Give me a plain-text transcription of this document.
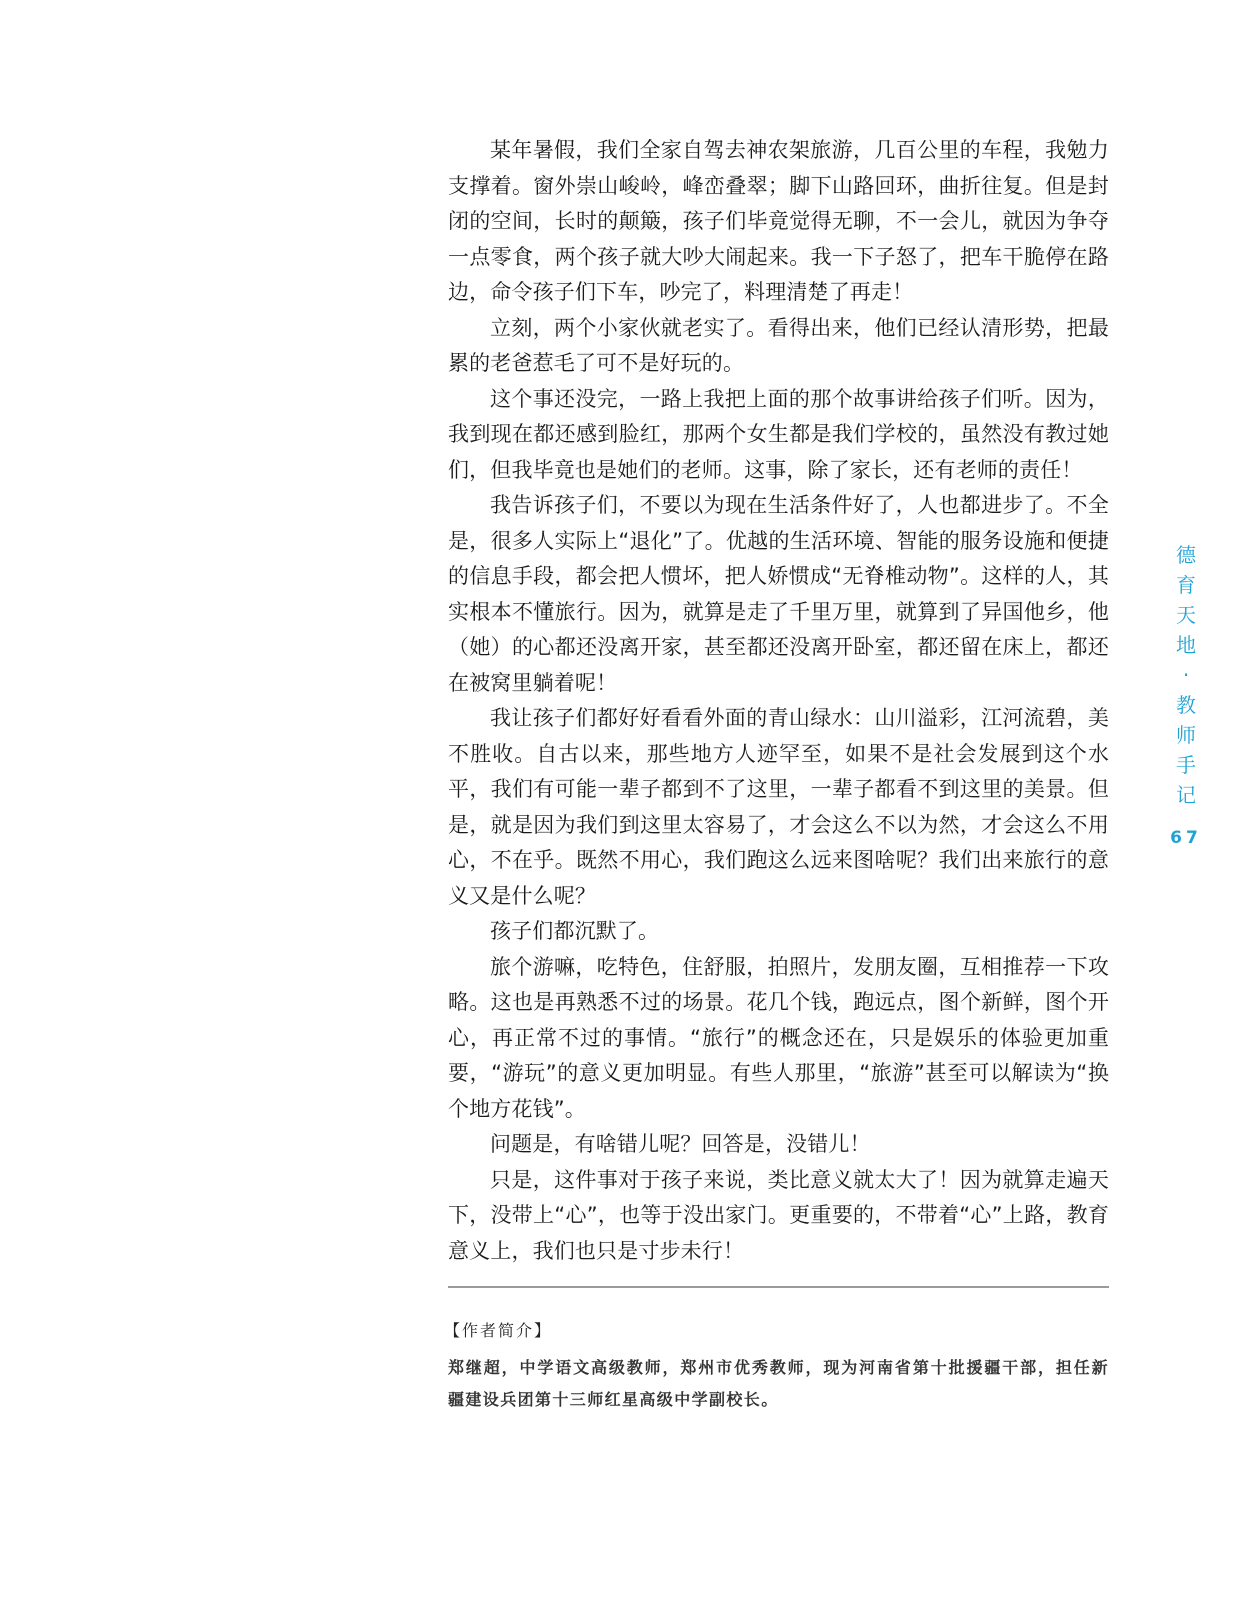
某年暑假，我们全家自驾去神农架旅游，几百公里的车程，我勉力支撑着。窗外崇山峻岭，峰峦叠翠；脚下山路回环，曲折往复。但是封闭的空间，长时的颠簸，孩子们毕竟觉得无聊，不一会儿，就因为争夺一点零食，两个孩子就大吵大闹起来。我一下子怒了，把车干脆停在路边，命令孩子们下车，吵完了，料理清楚了再走！

立刻，两个小家伙就老实了。看得出来，他们已经认清形势，把最累的老爸惹毛了可不是好玩的。

这个事还没完，一路上我把上面的那个故事讲给孩子们听。因为，我到现在都还感到脸红，那两个女生都是我们学校的，虽然没有教过她们，但我毕竟也是她们的老师。这事，除了家长，还有老师的责任！

我告诉孩子们，不要以为现在生活条件好了，人也都进步了。不全是，很多人实际上“退化”了。优越的生活环境、智能的服务设施和便捷的信息手段，都会把人惯坏，把人娇惯成“无脊椎动物”。这样的人，其实根本不懂旅行。因为，就算是走了千里万里，就算到了异国他乡，他（她）的心都还没离开家，甚至都还没离开卧室，都还留在床上，都还在被窝里躺着呢！

我让孩子们都好好看看外面的青山绿水：山川溢彩，江河流碧，美不胜收。自古以来，那些地方人迹罕至，如果不是社会发展到这个水平，我们有可能一辈子都到不了这里，一辈子都看不到这里的美景。但是，就是因为我们到这里太容易了，才会这么不以为然，才会这么不用心，不在乎。既然不用心，我们跑这么远来图啥呢？我们出来旅行的意义又是什么呢？

孩子们都沉默了。

旅个游嘛，吃特色，住舒服，拍照片，发朋友圈，互相推荐一下攻略。这也是再熟悉不过的场景。花几个钱，跑远点，图个新鲜，图个开心，再正常不过的事情。“旅行”的概念还在，只是娱乐的体验更加重要，“游玩”的意义更加明显。有些人那里，“旅游”甚至可以解读为“换个地方花钱”。

问题是，有啥错儿呢？回答是，没错儿！

只是，这件事对于孩子来说，类比意义就太大了！因为就算走遍天下，没带上“心”，也等于没出家门。更重要的，不带着“心”上路，教育意义上，我们也只是寸步未行！

【作者简介】

郑继超，中学语文高级教师，郑州市优秀教师，现为河南省第十批援疆干部，担任新疆建设兵团第十三师红星高级中学副校长。

德
育
天
地
·
教
师
手
记
67
